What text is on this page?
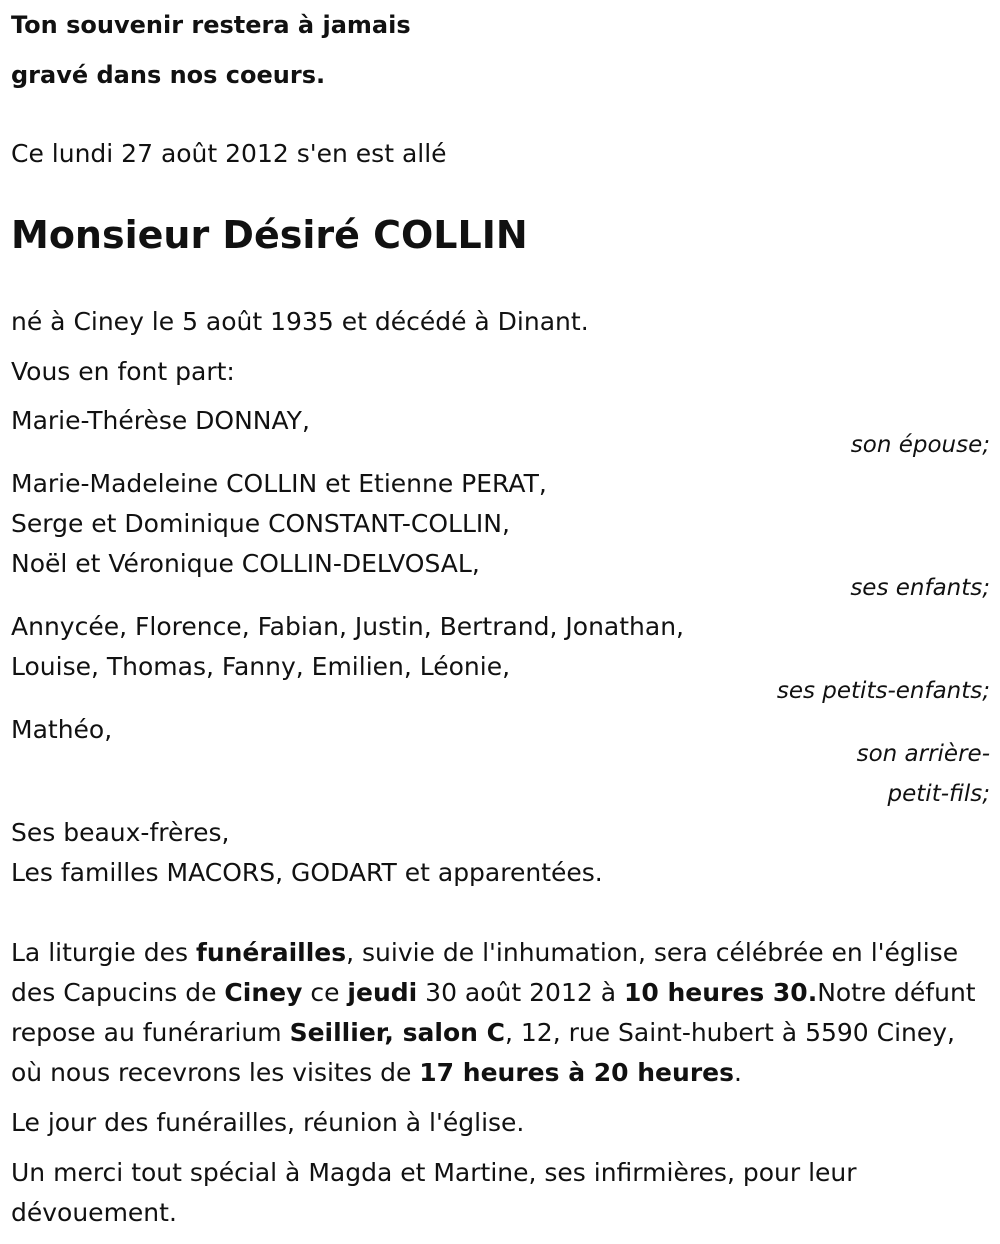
Ton souvenir restera à jamais
gravé dans nos coeurs.
Ce lundi 27 août 2012 s'en est allé
Monsieur Désiré COLLIN
né à Ciney le 5 août 1935 et décédé à Dinant.
Vous en font part:
Marie-Thérèse DONNAY,
son épouse;
Marie-Madeleine COLLIN et Etienne PERAT,
Serge et Dominique CONSTANT-COLLIN,
Noël et Véronique COLLIN-DELVOSAL,
ses enfants;
Annycée, Florence, Fabian, Justin, Bertrand, Jonathan,
Louise, Thomas, Fanny, Emilien, Léonie,
ses petits-enfants;
Mathéo,
son arrière-
petit-fils;
Ses beaux-frères,
Les familles MACORS, GODART et apparentées.
La liturgie des funérailles, suivie de l'inhumation, sera célébrée en l'église des Capucins de Ciney ce jeudi 30 août 2012 à 10 heures 30.Notre défunt repose au funérarium Seillier, salon C, 12, rue Saint-hubert à 5590 Ciney, où nous recevrons les visites de 17 heures à 20 heures.
Le jour des funérailles, réunion à l'église.
Un merci tout spécial à Magda et Martine, ses infirmières, pour leur dévouement.
